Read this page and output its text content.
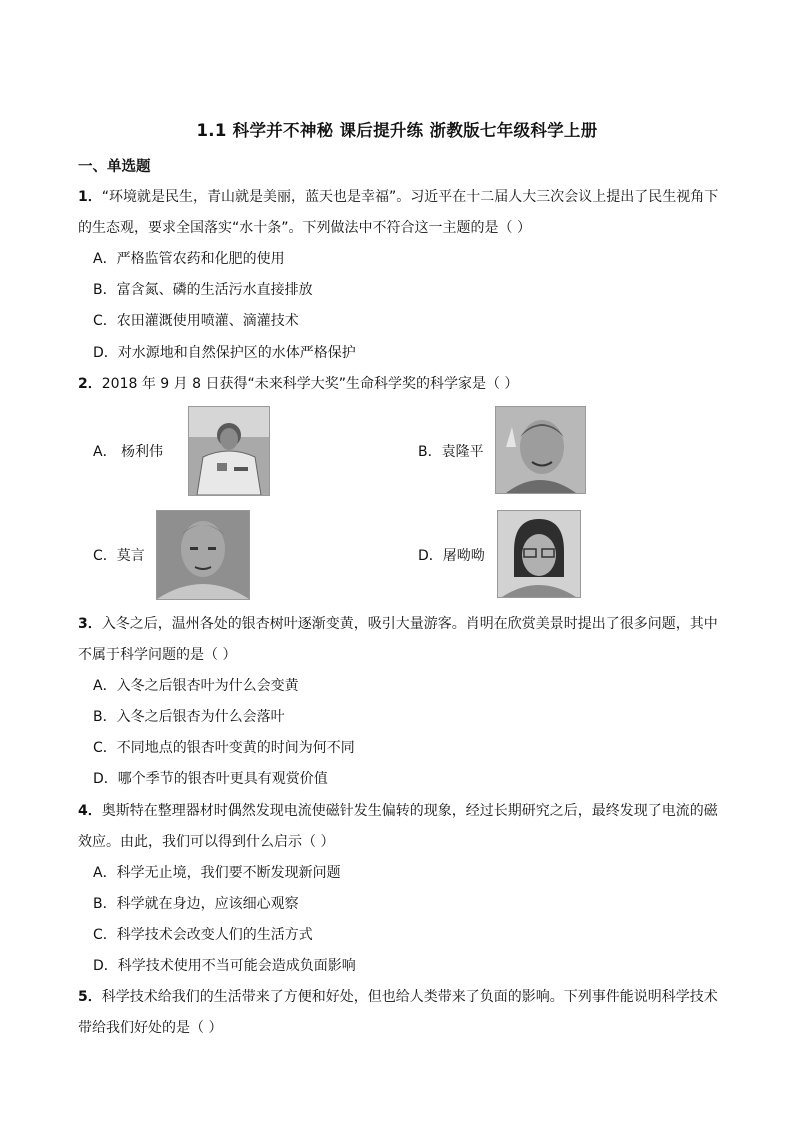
1.1 科学并不神秘 课后提升练 浙教版七年级科学上册
一、单选题
1．“环境就是民生，青山就是美丽，蓝天也是幸福”。习近平在十二届人大三次会议上提出了民生视角下
的生态观，要求全国落实“水十条”。下列做法中不符合这一主题的是（ ）
A．严格监管农药和化肥的使用
B．富含氮、磷的生活污水直接排放
C．农田灌溉使用喷灌、滴灌技术
D．对水源地和自然保护区的水体严格保护
2．2018 年 9 月 8 日获得“未来科学大奖”生命科学奖的科学家是（ ）
A． 杨利伟	B．袁隆平
C．莫言	D．屠呦呦
3．入冬之后，温州各处的银杏树叶逐渐变黄，吸引大量游客。肖明在欣赏美景时提出了很多问题，其中
不属于科学问题的是（ ）
A．入冬之后银杏叶为什么会变黄
B．入冬之后银杏为什么会落叶
C．不同地点的银杏叶变黄的时间为何不同
D．哪个季节的银杏叶更具有观赏价值
4．奥斯特在整理器材时偶然发现电流使磁针发生偏转的现象，经过长期研究之后，最终发现了电流的磁
效应。由此，我们可以得到什么启示（ ）
A．科学无止境，我们要不断发现新问题
B．科学就在身边，应该细心观察
C．科学技术会改变人们的生活方式
D．科学技术使用不当可能会造成负面影响
5．科学技术给我们的生活带来了方便和好处，但也给人类带来了负面的影响。下列事件能说明科学技术
带给我们好处的是（ ）
